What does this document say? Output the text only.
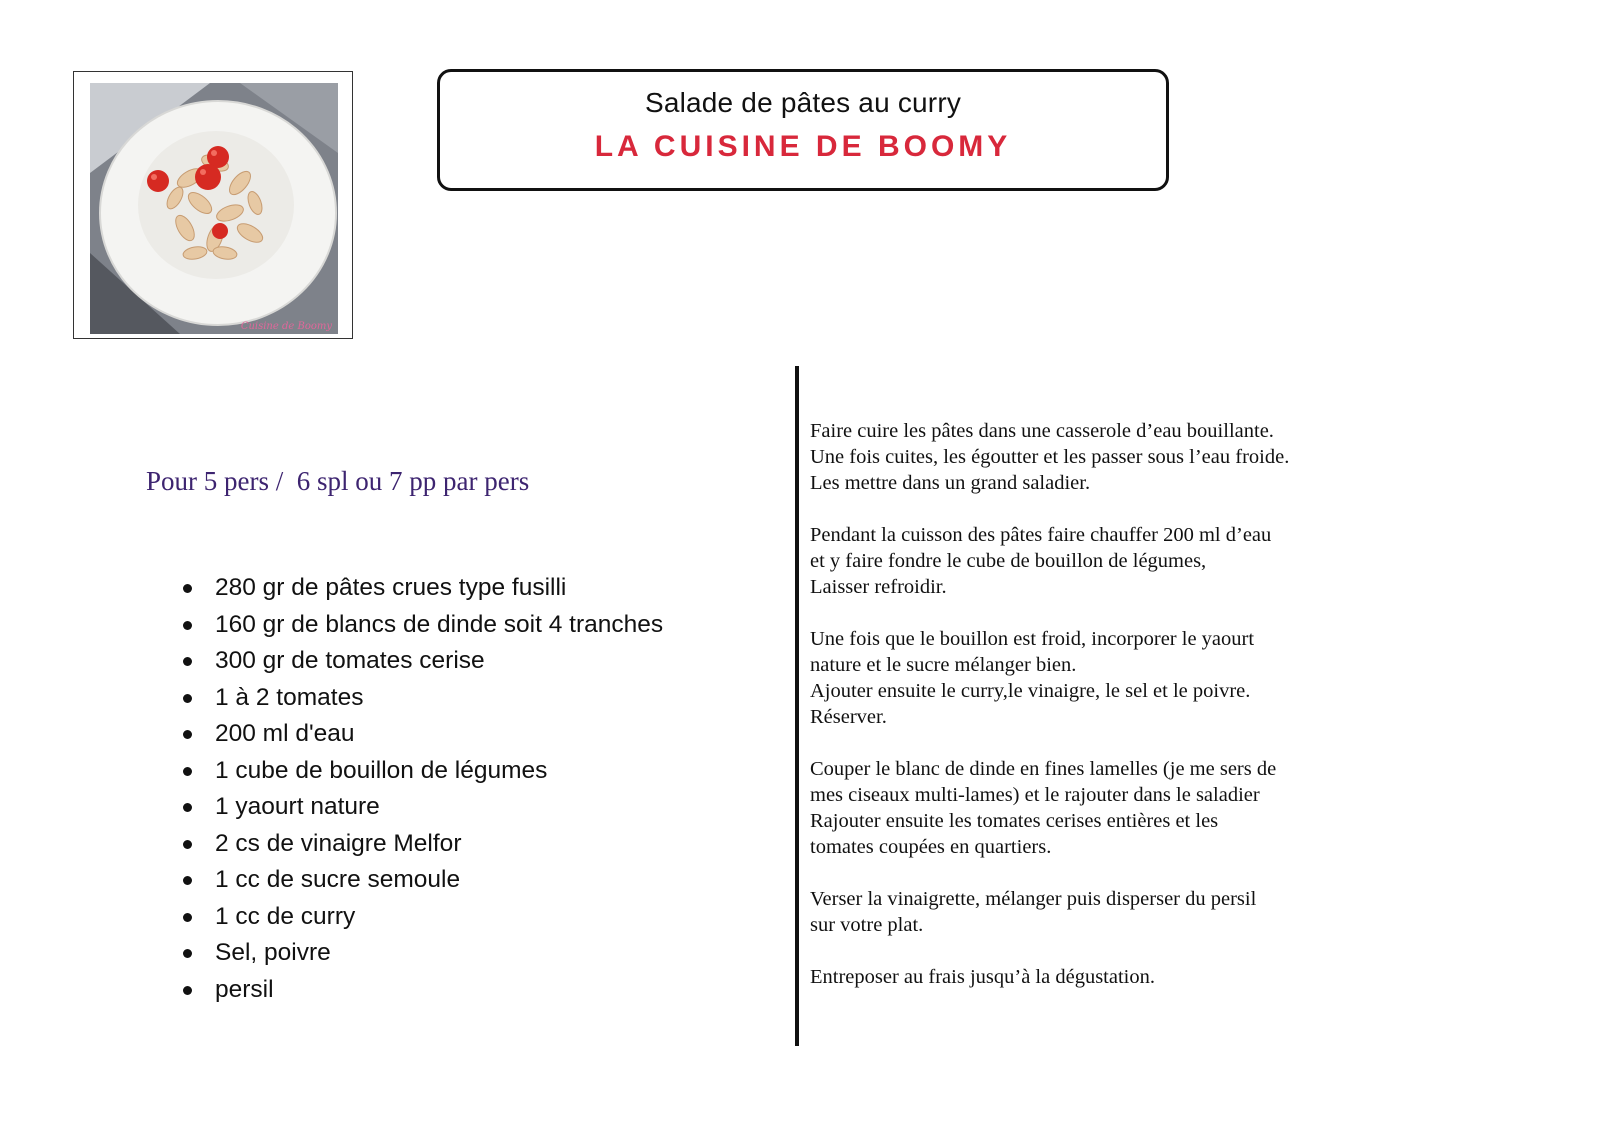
Cuisine de Boomy
Salade de pâtes au curry
LA CUISINE DE BOOMY
Pour 5 pers /  6 spl ou 7 pp par pers
280 gr de pâtes crues type fusilli
160 gr de blancs de dinde soit 4 tranches
300 gr de tomates cerise
1 à 2 tomates
200 ml d'eau
1 cube de bouillon de légumes
1 yaourt nature
2 cs de vinaigre Melfor
1 cc de sucre semoule
1 cc de curry
Sel, poivre
persil

Faire cuire les pâtes dans une casserole d’eau bouillante.
Une fois cuites, les égoutter et les passer sous l’eau froide.
Les mettre dans un grand saladier.

Pendant la cuisson des pâtes faire chauffer 200 ml d’eau
et y faire fondre le cube de bouillon de légumes,
Laisser refroidir.

Une fois que le bouillon est froid, incorporer le yaourt
nature et le sucre mélanger bien.
Ajouter ensuite le curry,le vinaigre, le sel et le poivre.
Réserver.

Couper le blanc de dinde en fines lamelles (je me sers de
mes ciseaux multi-lames) et le rajouter dans le saladier
Rajouter ensuite les tomates cerises entières et les
tomates coupées en quartiers.

Verser la vinaigrette, mélanger puis disperser du persil
sur votre plat.

Entreposer au frais jusqu’à la dégustation.
